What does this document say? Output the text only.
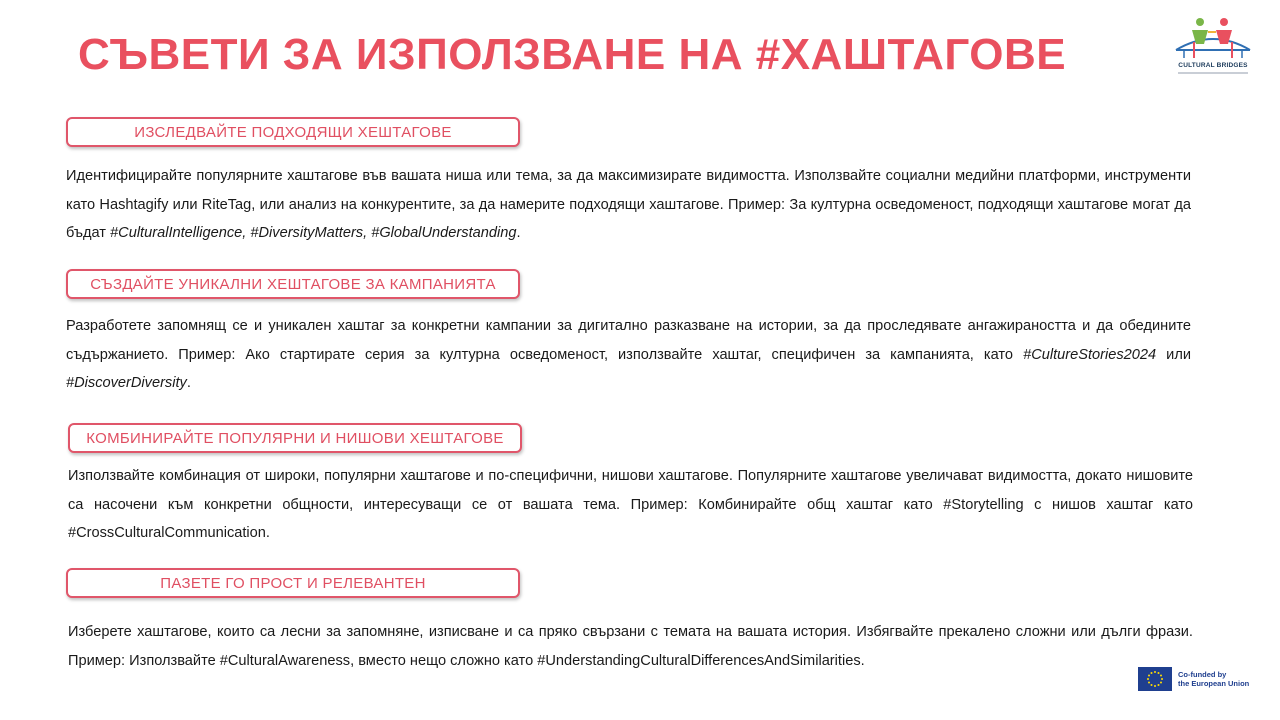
СЪВЕТИ ЗА ИЗПОЛЗВАНЕ НА #ХАШТАГОВЕ	CULTURAL BRIDGES
ИЗСЛЕДВАЙТЕ ПОДХОДЯЩИ ХЕШТАГОВЕ
Идентифицирайте популярните хаштагове във вашата ниша или тема, за да максимизирате видимостта. Използвайте социални медийни платформи, инструменти като Hashtagify или RiteTag, или анализ на конкурентите, за да намерите подходящи хаштагове. Пример: За културна осведоменост, подходящи хаштагове могат да бъдат #CulturalIntelligence, #DiversityMatters, #GlobalUnderstanding.
СЪЗДАЙТЕ УНИКАЛНИ ХЕШТАГОВЕ ЗА КАМПАНИЯТА
Разработете запомнящ се и уникален хаштаг за конкретни кампании за дигитално разказване на истории, за да проследявате ангажираността и да обедините съдържанието. Пример: Ако стартирате серия за културна осведоменост, използвайте хаштаг, специфичен за кампанията, като #CultureStories2024 или #DiscoverDiversity.
КОМБИНИРАЙТЕ ПОПУЛЯРНИ И НИШОВИ ХЕШТАГОВЕ
Използвайте комбинация от широки, популярни хаштагове и по-специфични, нишови хаштагове. Популярните хаштагове увеличават видимостта, докато нишовите са насочени към конкретни общности, интересуващи се от вашата тема. Пример: Комбинирайте общ хаштаг като #Storytelling с нишов хаштаг като #CrossCulturalCommunication.
ПАЗЕТЕ ГО ПРОСТ И РЕЛЕВАНТЕН
Изберете хаштагове, които са лесни за запомняне, изписване и са пряко свързани с темата на вашата история. Избягвайте прекалено сложни или дълги фрази. Пример: Използвайте #CulturalAwareness, вместо нещо сложно като #UnderstandingCulturalDifferencesAndSimilarities.
Co-funded by
the European Union
